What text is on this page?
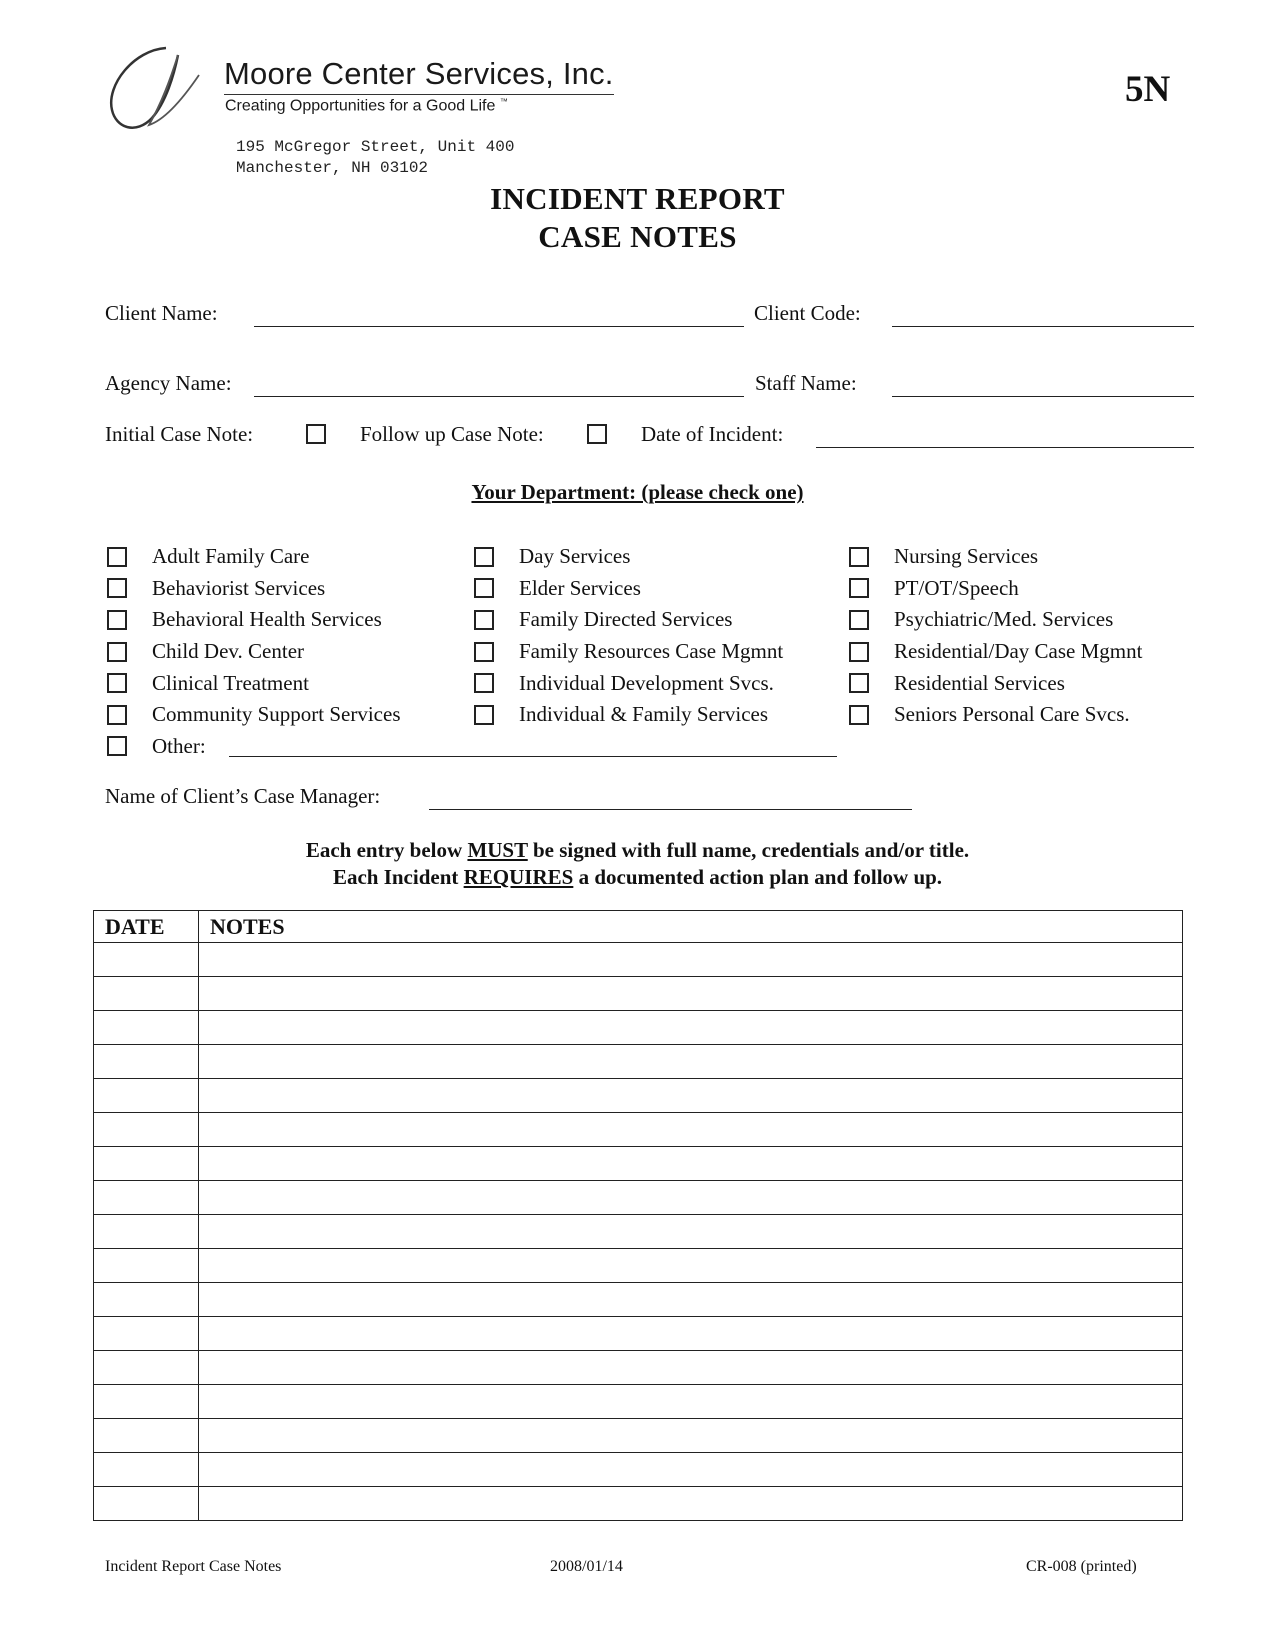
Moore Center Services, Inc.
Creating Opportunities for a Good Life ™	5N
195 McGregor Street, Unit 400
Manchester, NH 03102
INCIDENT REPORT
CASE NOTES
Client Name:	Client Code:
Agency Name:	Staff Name:
Initial Case Note:	Follow up Case Note:	Date of Incident:
Your Department: (please check one)
Adult Family Care
Behaviorist Services
Behavioral Health Services
Child Dev. Center
Clinical Treatment
Community Support Services
Other:
Day Services
Elder Services
Family Directed Services
Family Resources Case Mgmnt
Individual Development Svcs.
Individual & Family Services
Nursing Services
PT/OT/Speech
Psychiatric/Med. Services
Residential/Day Case Mgmnt
Residential Services
Seniors Personal Care Svcs.
Name of Client’s Case Manager:
Each entry below MUST be signed with full name, credentials and/or title.
Each Incident REQUIRES a documented action plan and follow up.
DATE	NOTES

Incident Report Case Notes	2008/01/14	CR-008 (printed)
